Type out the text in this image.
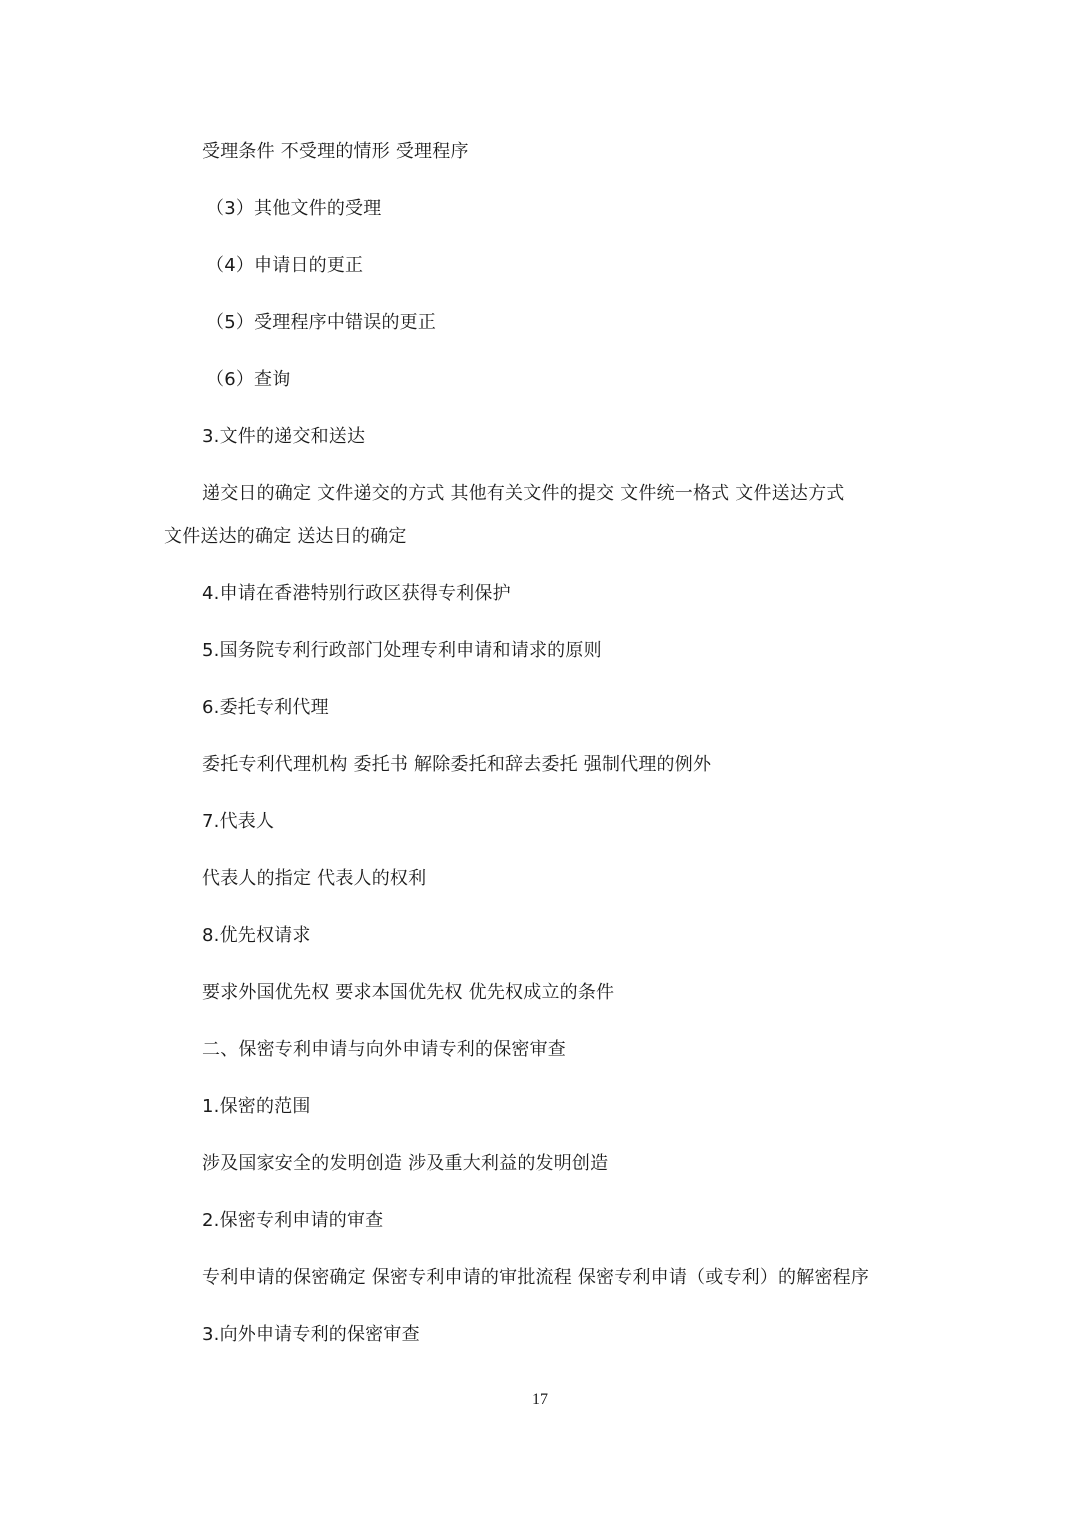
受理条件 不受理的情形 受理程序
（3）其他文件的受理
（4）申请日的更正
（5）受理程序中错误的更正
（6）查询
3.文件的递交和送达
递交日的确定 文件递交的方式 其他有关文件的提交 文件统一格式 文件送达方式
文件送达的确定 送达日的确定
4.申请在香港特别行政区获得专利保护
5.国务院专利行政部门处理专利申请和请求的原则
6.委托专利代理
委托专利代理机构 委托书 解除委托和辞去委托 强制代理的例外
7.代表人
代表人的指定 代表人的权利
8.优先权请求
要求外国优先权 要求本国优先权 优先权成立的条件
二、保密专利申请与向外申请专利的保密审查
1.保密的范围
涉及国家安全的发明创造 涉及重大利益的发明创造
2.保密专利申请的审查
专利申请的保密确定 保密专利申请的审批流程 保密专利申请（或专利）的解密程序
3.向外申请专利的保密审查
17
